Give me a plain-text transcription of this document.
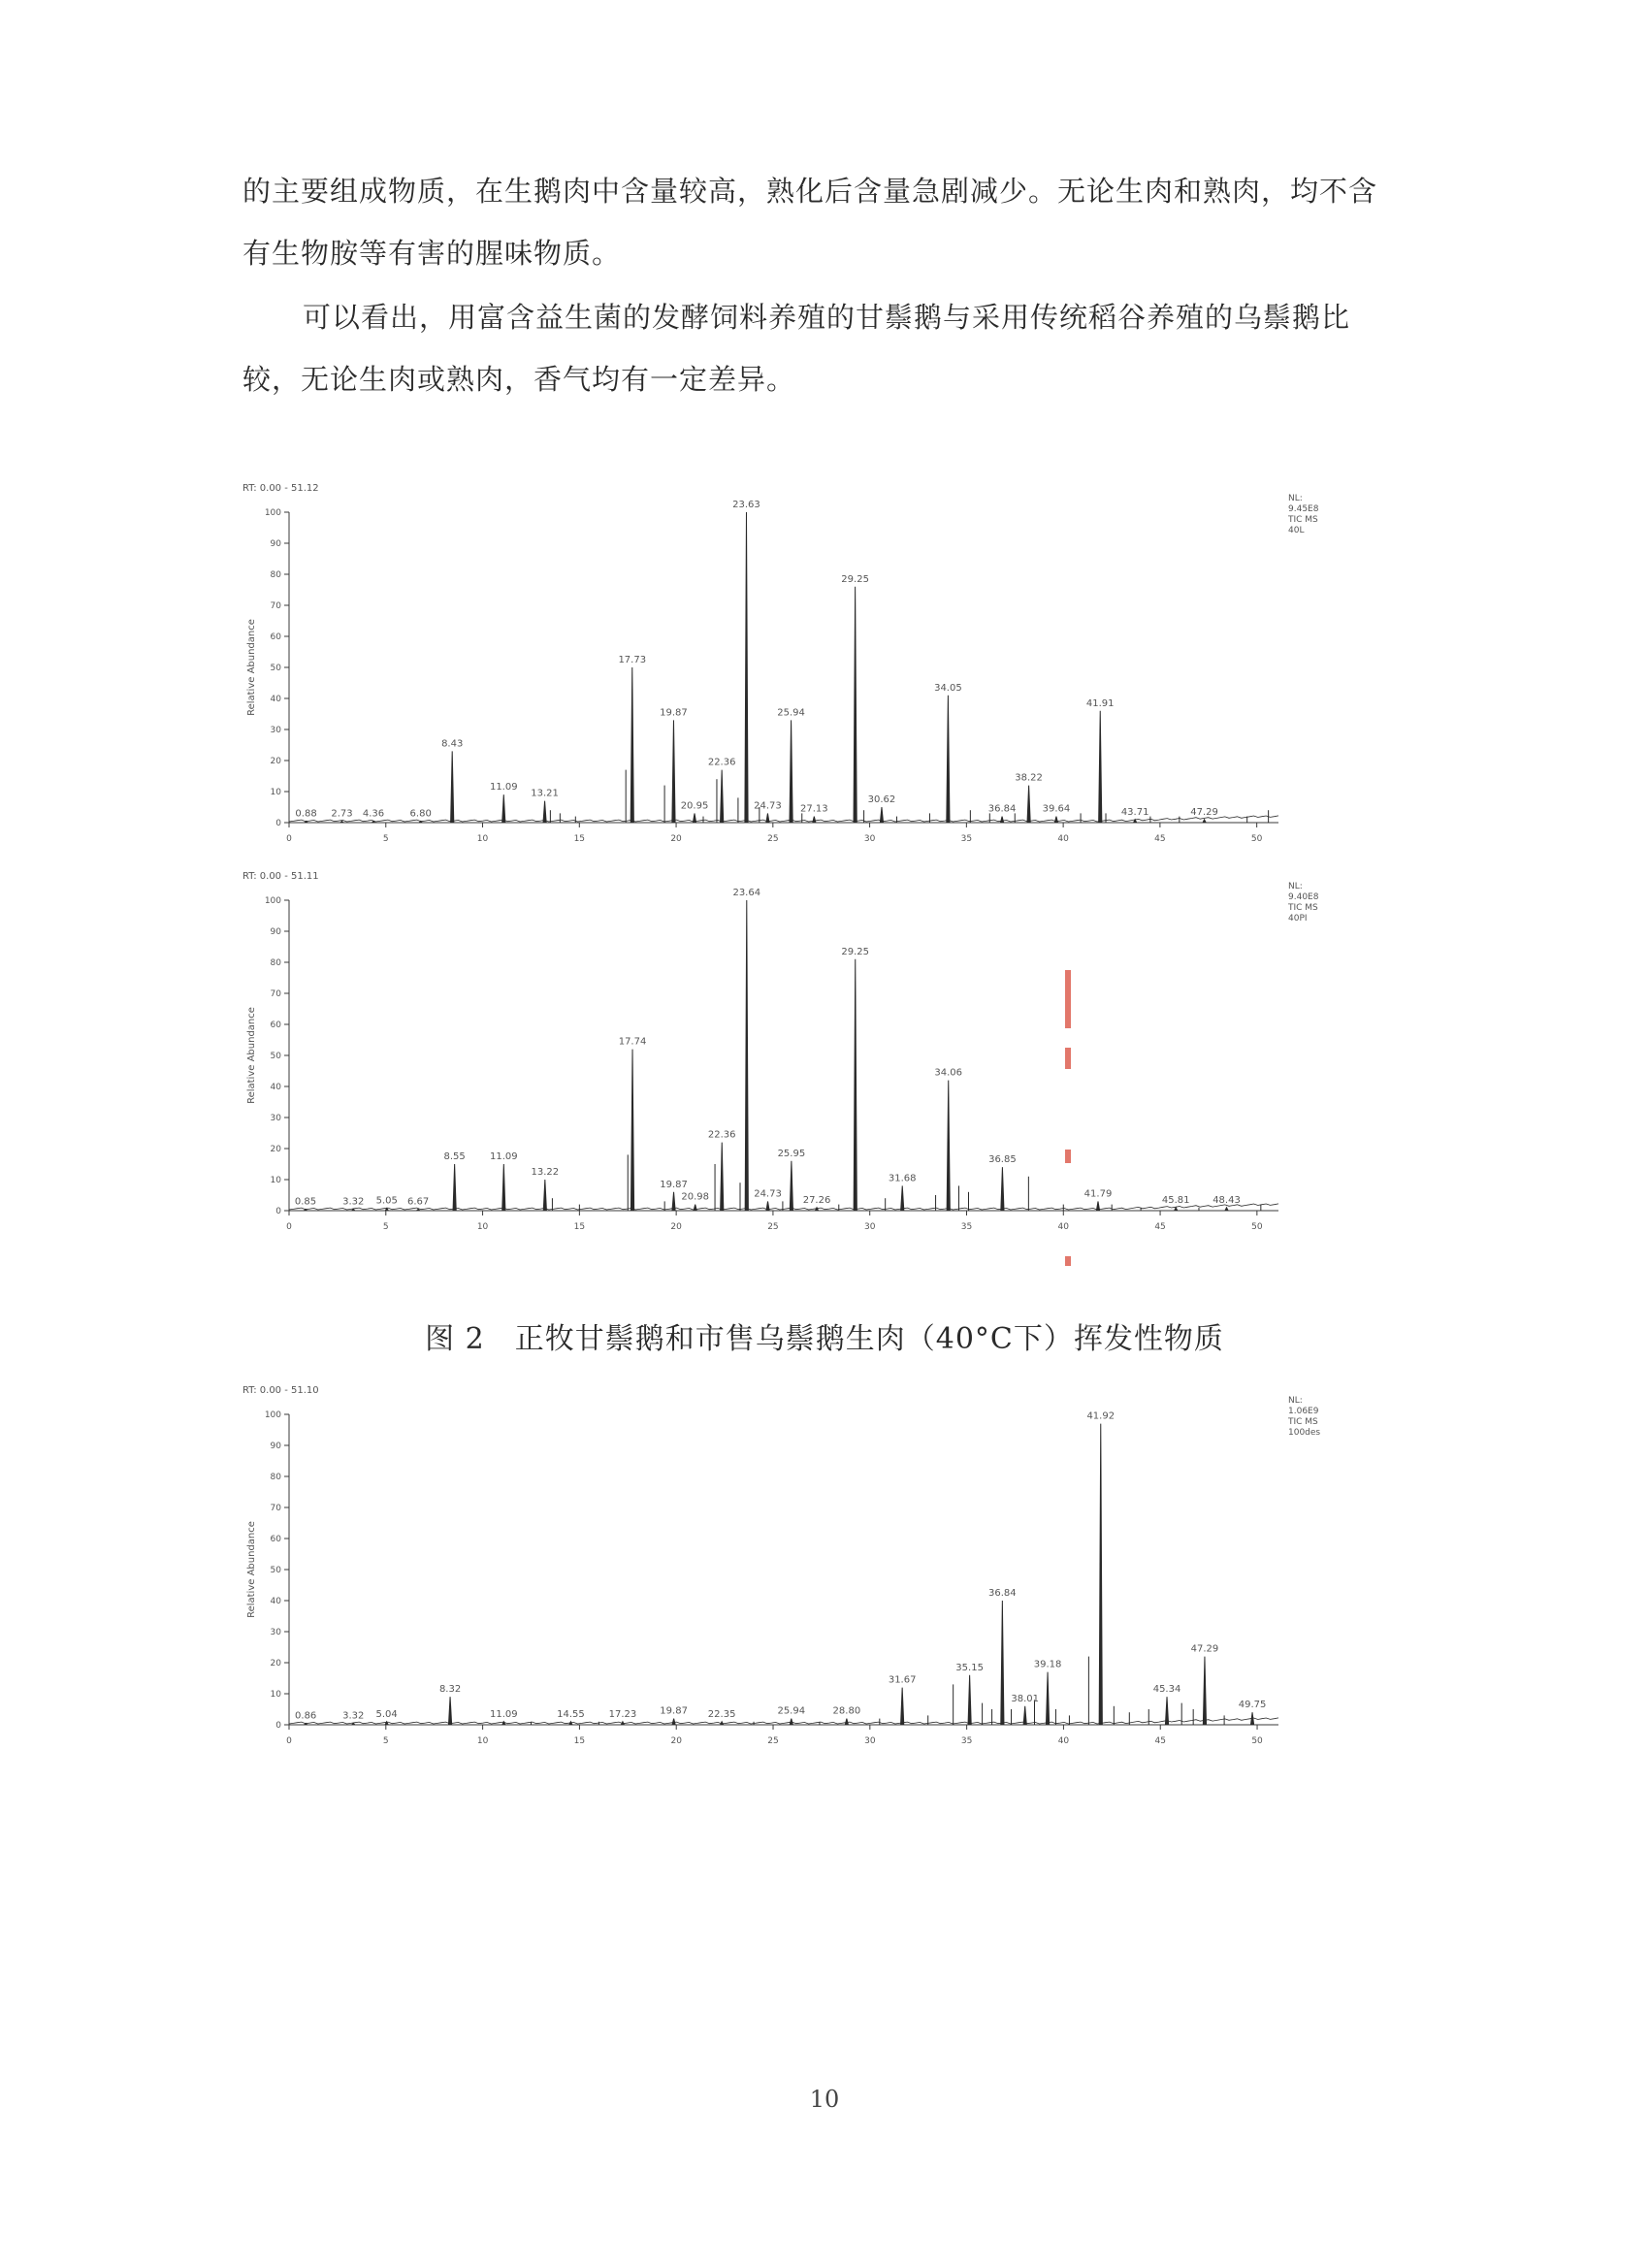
的主要组成物质，在生鹅肉中含量较高，熟化后含量急剧减少。无论生肉和熟肉，均不含有生物胺等有害的腥味物质。
可以看出，用富含益生菌的发酵饲料养殖的甘鬃鹅与采用传统稻谷养殖的乌鬃鹅比较，无论生肉或熟肉，香气均有一定差异。
RT: 0.00 - 51.12
Relative Abundance
0
10
20
30
40
50
60
70
80
90
100
0	5	10	15	20	25	30	35	40	45	50
0.88 2.73 4.36	6.80
8.43
11.09
13.21
17.73
19.87
20.95
22.36
23.63
24.73
25.94
27.13
29.25
30.62
34.05
36.84
38.22
39.64
41.91
43.71	47.29
NL:
9.45E8
TIC MS
40L
RT: 0.00 - 51.11
Relative Abundance
0
10
20
30
40
50
60
70
80
90
100
0	5	10	15	20	25	30	35	40	45	50
0.85	3.32 5.05 6.67
8.55	11.09
13.22
17.74
19.87
20.98
22.36
23.64
24.73
25.95
27.26
29.25
31.68
34.06
36.85
41.79
45.81 48.43
NL:
9.40E8
TIC MS
40PI
图 2　正牧甘鬃鹅和市售乌鬃鹅生肉（40°C下）挥发性物质
RT: 0.00 - 51.10
Relative Abundance
0
10
20
30
40
50
60
70
80
90
100
0	5	10	15	20	25	30	35	40	45	50
0.86	3.32 5.04
8.32
11.09	14.55 17.23 19.87 22.35	25.94	28.80
31.67
35.15
36.84
38.01
39.18
41.92
45.34
47.29
49.75
NL:
1.06E9
TIC MS
100des
10
